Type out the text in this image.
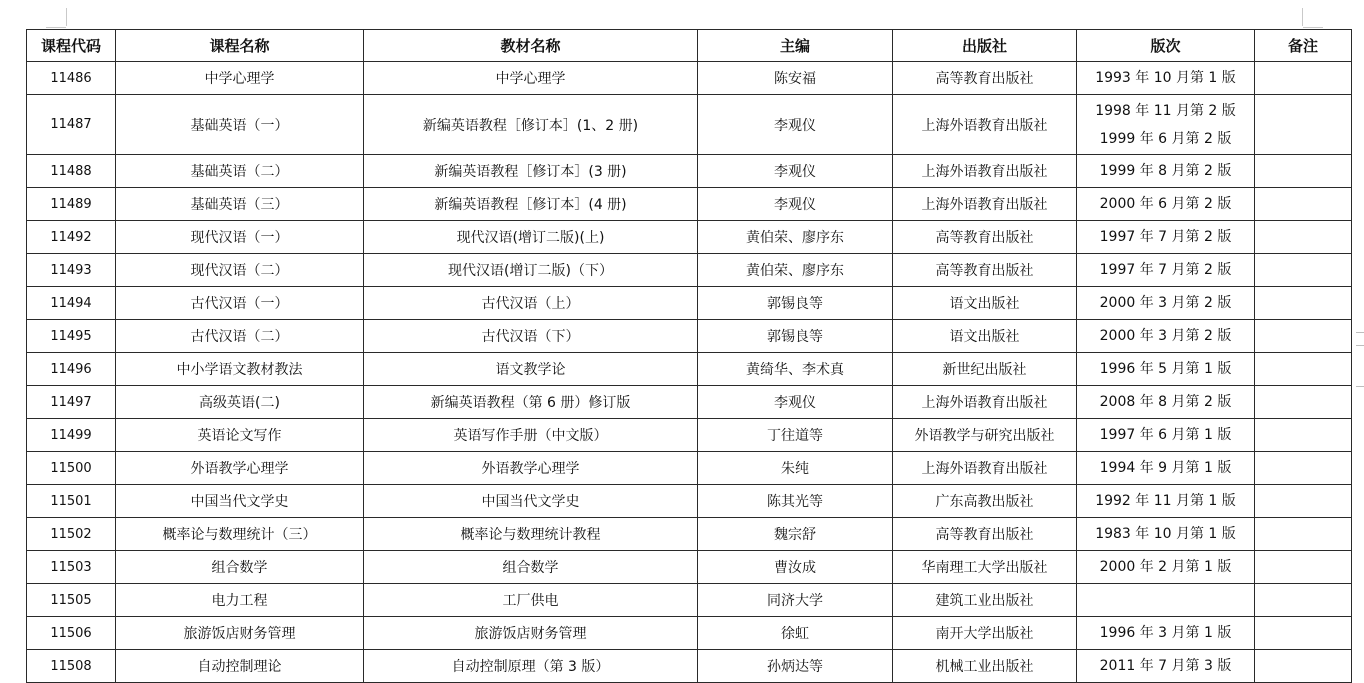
课程代码	课程名称	教材名称	主编	出版社	版次	备注
11486	中学心理学	中学心理学	陈安福	高等教育出版社	1993 年 10 月第 1 版	

11487	基础英语（一）	新编英语教程［修订本］(1、2 册)	李观仪	上海外语教育出版社	1998 年 11 月第 2 版
1999 年 6 月第 2 版	

11488	基础英语（二）	新编英语教程［修订本］(3 册)	李观仪	上海外语教育出版社	1999 年 8 月第 2 版	

11489	基础英语（三）	新编英语教程［修订本］(4 册)	李观仪	上海外语教育出版社	2000 年 6 月第 2 版	

11492	现代汉语（一）	现代汉语(增订二版)(上)	黄伯荣、廖序东	高等教育出版社	1997 年 7 月第 2 版	

11493	现代汉语（二）	现代汉语(增订二版)（下）	黄伯荣、廖序东	高等教育出版社	1997 年 7 月第 2 版	

11494	古代汉语（一）	古代汉语（上）	郭锡良等	语文出版社	2000 年 3 月第 2 版	

11495	古代汉语（二）	古代汉语（下）	郭锡良等	语文出版社	2000 年 3 月第 2 版	

11496	中小学语文教材教法	语文教学论	黄绮华、李术真	新世纪出版社	1996 年 5 月第 1 版	

11497	高级英语(二)	新编英语教程（第 6 册）修订版	李观仪	上海外语教育出版社	2008 年 8 月第 2 版	

11499	英语论文写作	英语写作手册（中文版）	丁往道等	外语教学与研究出版社	1997 年 6 月第 1 版	

11500	外语教学心理学	外语教学心理学	朱纯	上海外语教育出版社	1994 年 9 月第 1 版	

11501	中国当代文学史	中国当代文学史	陈其光等	广东高教出版社	1992 年 11 月第 1 版	

11502	概率论与数理统计（三）	概率论与数理统计教程	魏宗舒	高等教育出版社	1983 年 10 月第 1 版	

11503	组合数学	组合数学	曹汝成	华南理工大学出版社	2000 年 2 月第 1 版	

11505	电力工程	工厂供电	同济大学	建筑工业出版社	

11506	旅游饭店财务管理	旅游饭店财务管理	徐虹	南开大学出版社	1996 年 3 月第 1 版	

11508	自动控制理论	自动控制原理（第 3 版）	孙炳达等	机械工业出版社	2011 年 7 月第 3 版	
